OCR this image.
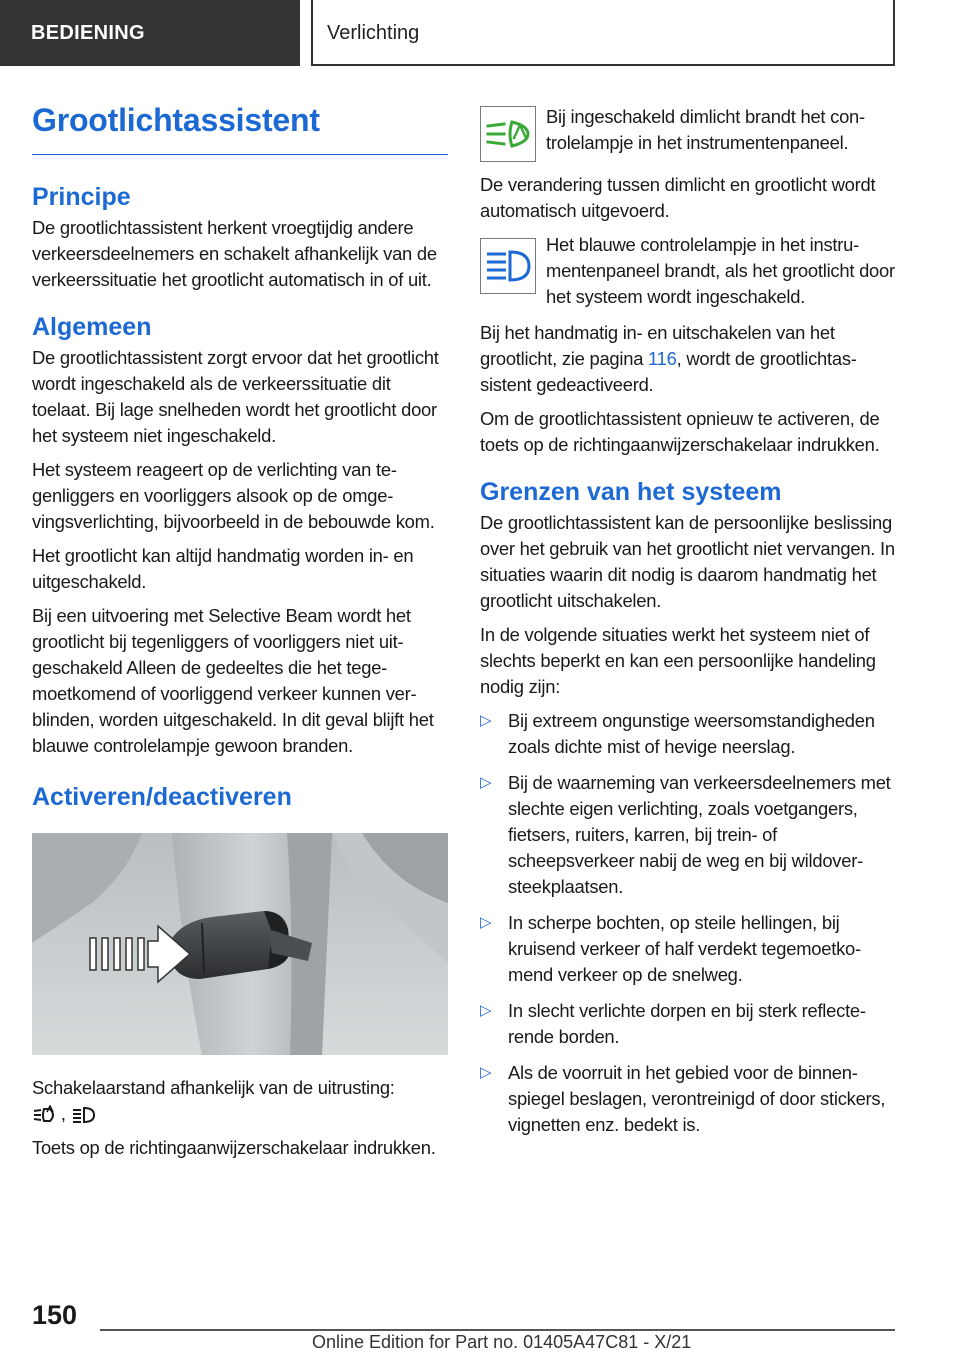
BEDIENING	Verlichting
Grootlichtassistent
Principe

De grootlichtassistent herkent vroegtijdig andere verkeersdeelnemers en schakelt afhankelijk van de verkeerssituatie het grootlicht automatisch in of uit.

Algemeen

De grootlichtassistent zorgt ervoor dat het grootlicht wordt ingeschakeld als de verkeerssituatie dit toelaat. Bij lage snelheden wordt het grootlicht door het systeem niet ingeschakeld.

Het systeem reageert op de verlichting van tegenliggers en voorliggers alsook op de omgevingsverlichting, bijvoorbeeld in de bebouwde kom.

Het grootlicht kan altijd handmatig worden in- en uitgeschakeld.

Bij een uitvoering met Selective Beam wordt het grootlicht bij tegenliggers of voorliggers niet uitgeschakeld Alleen de gedeeltes die het tegemoetkomend of voorliggend verkeer kunnen verblinden, worden uitgeschakeld. In dit geval blijft het blauwe controlelampje gewoon branden.

Activeren/deactiveren

Schakelaarstand afhankelijk van de uitrusting:
,

Toets op de richtingaanwijzerschakelaar indrukken.

Bij ingeschakeld dimlicht brandt het controlelampje in het instrumentenpaneel.

De verandering tussen dimlicht en grootlicht wordt automatisch uitgevoerd.

Het blauwe controlelampje in het instrumentenpaneel brandt, als het grootlicht door het systeem wordt ingeschakeld.

Bij het handmatig in- en uitschakelen van het grootlicht, zie pagina 116, wordt de grootlichtassistent gedeactiveerd.

Om de grootlichtassistent opnieuw te activeren, de toets op de richtingaanwijzerschakelaar indrukken.

Grenzen van het systeem

De grootlichtassistent kan de persoonlijke beslissing over het gebruik van het grootlicht niet vervangen. In situaties waarin dit nodig is daarom handmatig het grootlicht uitschakelen.

In de volgende situaties werkt het systeem niet of slechts beperkt en kan een persoonlijke handeling nodig zijn:

▷ Bij extreem ongunstige weersomstandigheden zoals dichte mist of hevige neerslag.
▷ Bij de waarneming van verkeersdeelnemers met slechte eigen verlichting, zoals voetgangers, fietsers, ruiters, karren, bij trein- of scheepsverkeer nabij de weg en bij wildoversteekplaatsen.
▷ In scherpe bochten, op steile hellingen, bij kruisend verkeer of half verdekt tegemoetkomend verkeer op de snelweg.
▷ In slecht verlichte dorpen en bij sterk reflecterende borden.
▷ Als de voorruit in het gebied voor de binnenspiegel beslagen, verontreinigd of door stickers, vignetten enz. bedekt is.
150
Online Edition for Part no. 01405A47C81 - X/21
